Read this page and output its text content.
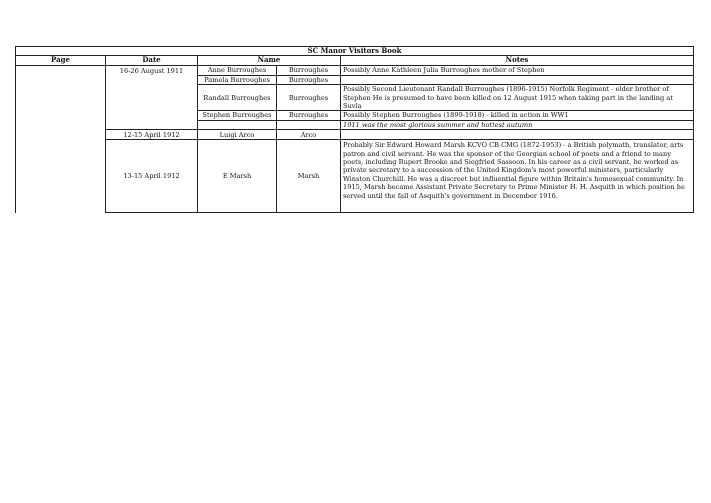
SC Manor Visitors Book				
Page	Date	Name		Notes
	16-26 August 1911	Anne Burroughes	Burroughes	Possibly Anne Kathleen Julia Burroughes mother of Stephen
		Pamela Burroughes	Burroughes	
		Randall Burroughes	Burroughes	Possibly Second Lieutenant Randall Burroughes (1896-1915) Norfolk Regiment - elder brother of Stephen He is presumed to have been killed on 12 August 1915 when taking part in the landing at Suvla
		Stephen Burroughes	Burroughes	Possibly Stephen Burroughes (1899-1918) - killed in action in WW1
				1911 was the most glorious summer and hottest autumn
	12-15 April 1912	Luigi Arco	Arco	
	13-15 April 1912	E Marsh	Marsh	Probably Sir Edward Howard Marsh KCVO CB CMG (1872-1953) - a British polymath, translator, arts patron and civil servant. He was the sponsor of the Georgian school of poets and a friend to many poets, including Rupert Brooke and Siegfried Sassoon. In his career as a civil servant, he worked as private secretary to a succession of the United Kingdom's most powerful ministers, particularly Winston Churchill. He was a discreet but influential figure within Britain's homosexual community. In 1915, Marsh became Assistant Private Secretary to Prime Minister H. H. Asquith in which position he served until the fall of Asquith's government in December 1916.
